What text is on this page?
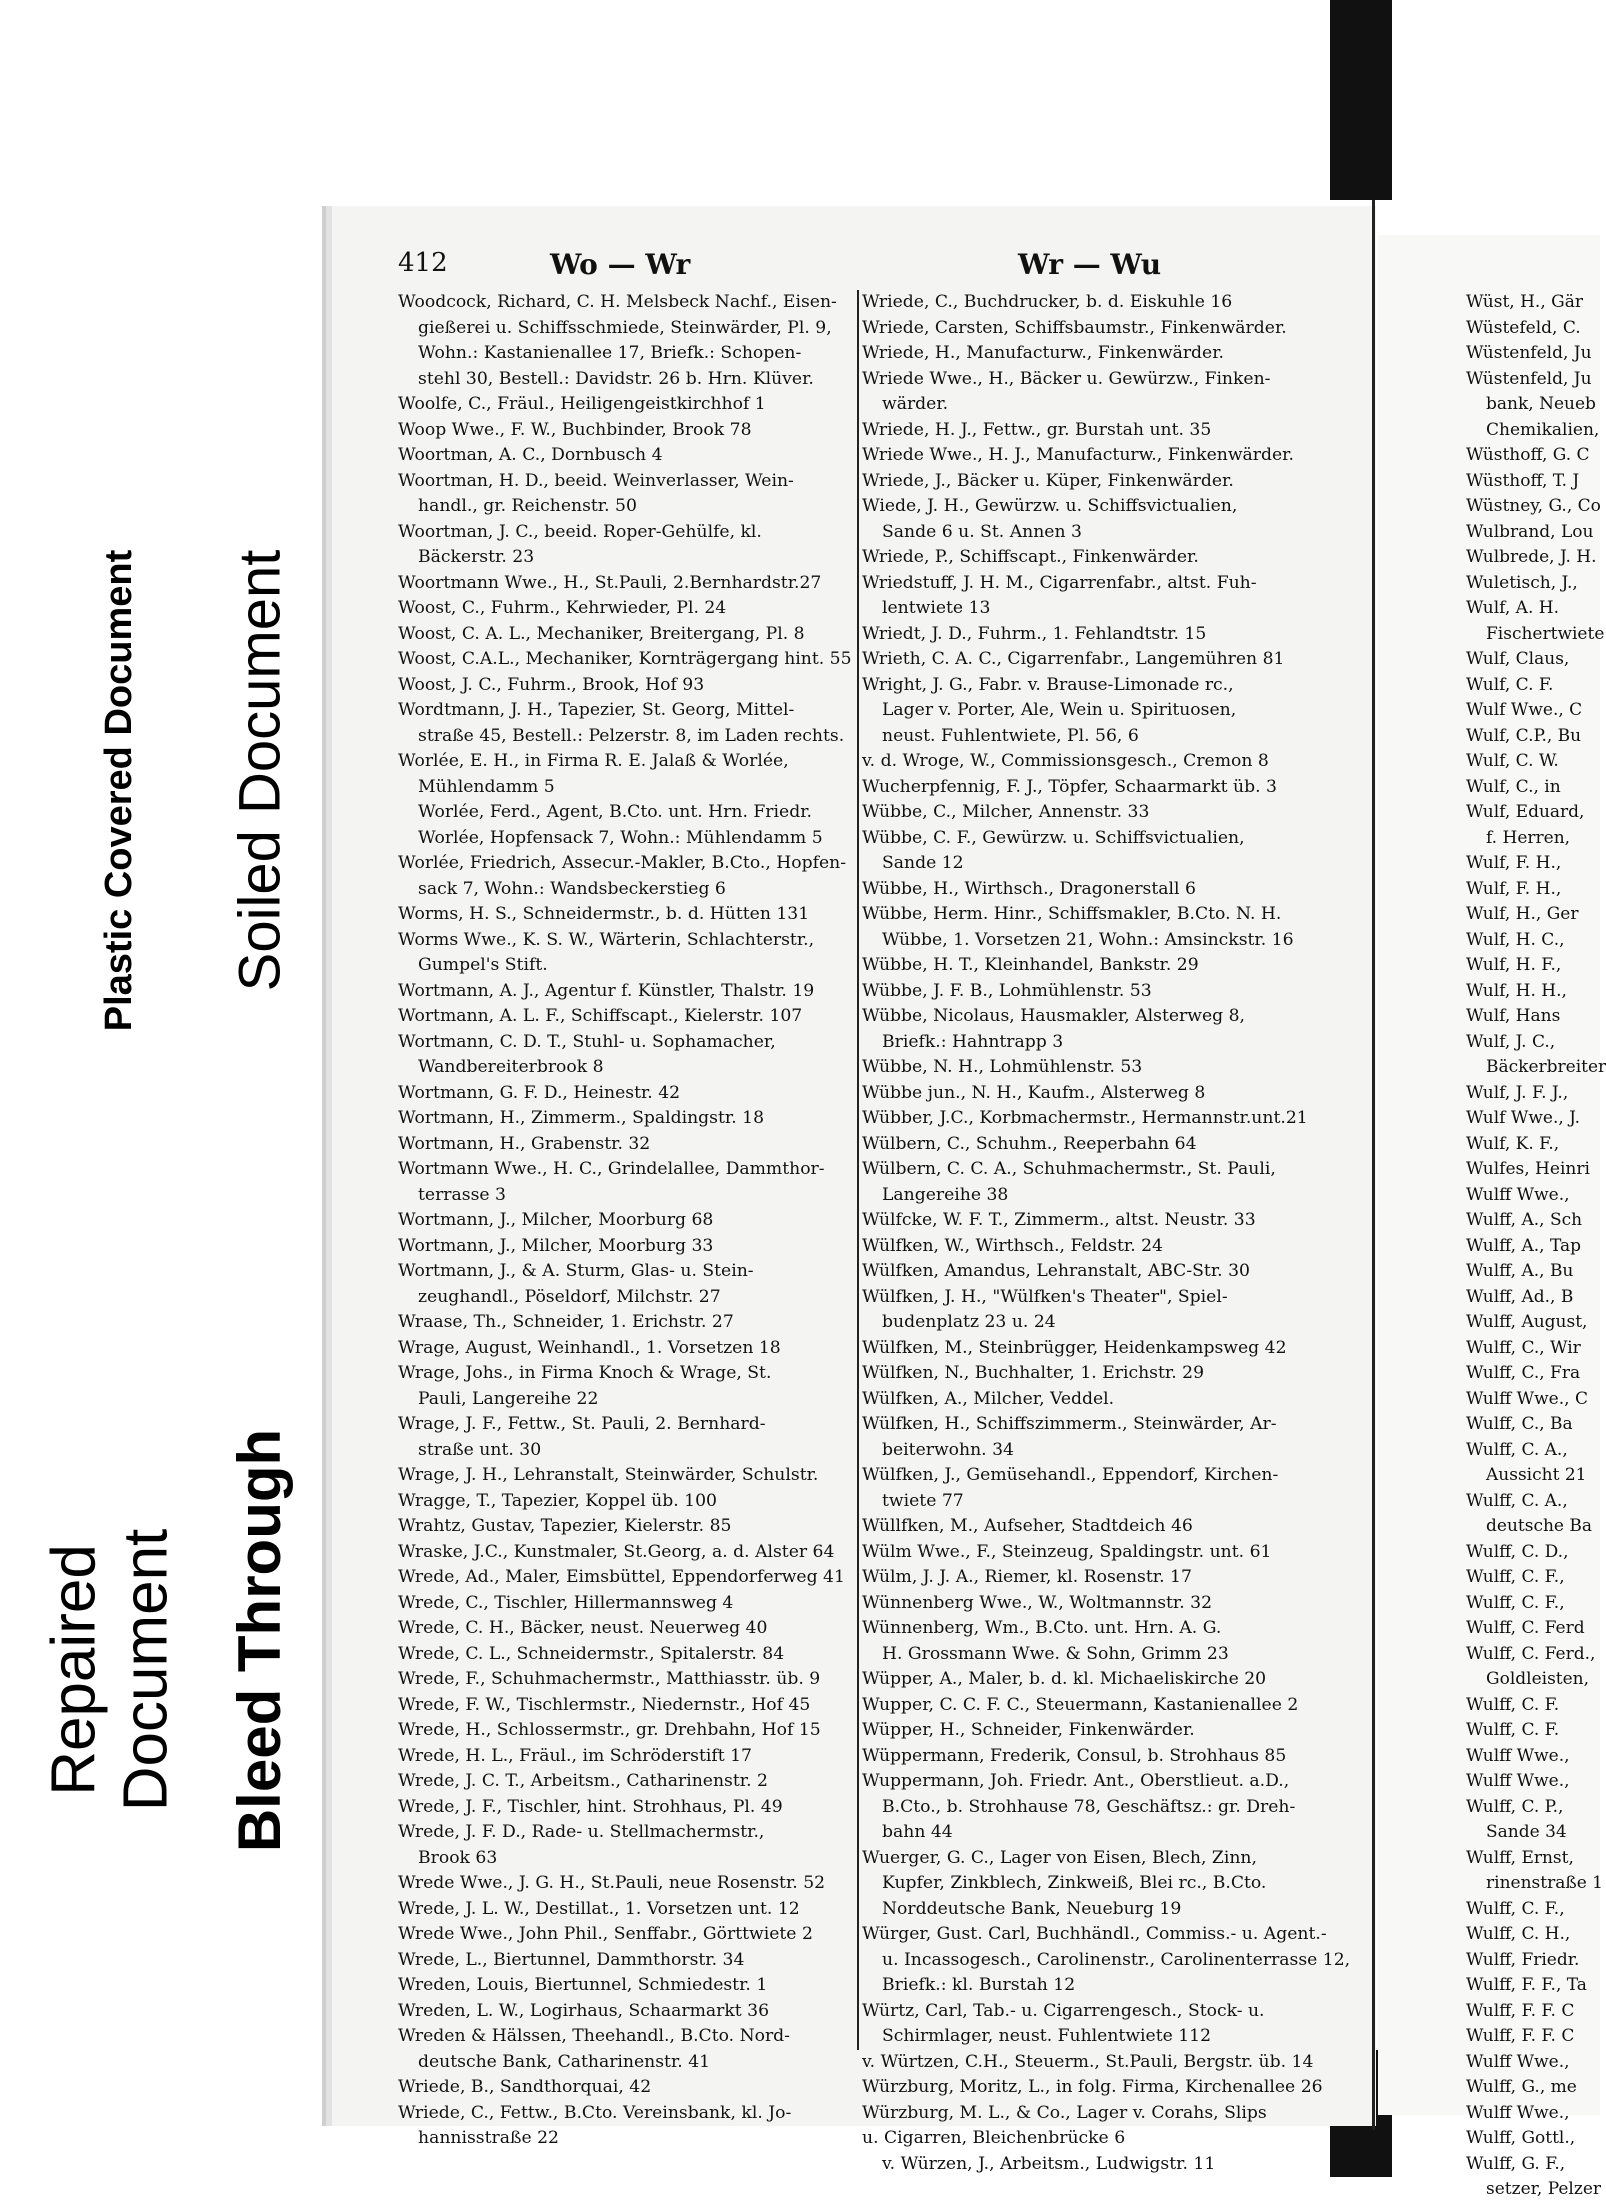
412	Wo — Wr	Wr — Wu
Woodcock, Richard, C. H. Melsbeck Nachf., Eisen-
gießerei u. Schiffsschmiede, Steinwärder, Pl. 9,
Wohn.: Kastanienallee 17, Briefk.: Schopen-
stehl 30, Bestell.: Davidstr. 26 b. Hrn. Klüver.
Woolfe, C., Fräul., Heiligengeistkirchhof 1
Woop Wwe., F. W., Buchbinder, Brook 78
Woortman, A. C., Dornbusch 4
Woortman, H. D., beeid. Weinverlasser, Wein-
handl., gr. Reichenstr. 50
Woortman, J. C., beeid. Roper-Gehülfe, kl.
Bäckerstr. 23
Woortmann Wwe., H., St.Pauli, 2.Bernhardstr.27
Woost, C., Fuhrm., Kehrwieder, Pl. 24
Woost, C. A. L., Mechaniker, Breitergang, Pl. 8
Woost, C.A.L., Mechaniker, Kornträgergang hint. 55
Woost, J. C., Fuhrm., Brook, Hof 93
Wordtmann, J. H., Tapezier, St. Georg, Mittel-
straße 45, Bestell.: Pelzerstr. 8, im Laden rechts.
Worlée, E. H., in Firma R. E. Jalaß & Worlée,
Mühlendamm 5
Worlée, Ferd., Agent, B.Cto. unt. Hrn. Friedr.
Worlée, Hopfensack 7, Wohn.: Mühlendamm 5
Worlée, Friedrich, Assecur.-Makler, B.Cto., Hopfen-
sack 7, Wohn.: Wandsbeckerstieg 6
Worms, H. S., Schneidermstr., b. d. Hütten 131
Worms Wwe., K. S. W., Wärterin, Schlachterstr.,
Gumpel's Stift.
Wortmann, A. J., Agentur f. Künstler, Thalstr. 19
Wortmann, A. L. F., Schiffscapt., Kielerstr. 107
Wortmann, C. D. T., Stuhl- u. Sophamacher,
Wandbereiterbrook 8
Wortmann, G. F. D., Heinestr. 42
Wortmann, H., Zimmerm., Spaldingstr. 18
Wortmann, H., Grabenstr. 32
Wortmann Wwe., H. C., Grindelallee, Dammthor-
terrasse 3
Wortmann, J., Milcher, Moorburg 68
Wortmann, J., Milcher, Moorburg 33
Wortmann, J., & A. Sturm, Glas- u. Stein-
zeughandl., Pöseldorf, Milchstr. 27
Wraase, Th., Schneider, 1. Erichstr. 27
Wrage, August, Weinhandl., 1. Vorsetzen 18
Wrage, Johs., in Firma Knoch & Wrage, St.
Pauli, Langereihe 22
Wrage, J. F., Fettw., St. Pauli, 2. Bernhard-
straße unt. 30
Wrage, J. H., Lehranstalt, Steinwärder, Schulstr.
Wragge, T., Tapezier, Koppel üb. 100
Wrahtz, Gustav, Tapezier, Kielerstr. 85
Wraske, J.C., Kunstmaler, St.Georg, a. d. Alster 64
Wrede, Ad., Maler, Eimsbüttel, Eppendorferweg 41
Wrede, C., Tischler, Hillermannsweg 4
Wrede, C. H., Bäcker, neust. Neuerweg 40
Wrede, C. L., Schneidermstr., Spitalerstr. 84
Wrede, F., Schuhmachermstr., Matthiasstr. üb. 9
Wrede, F. W., Tischlermstr., Niedernstr., Hof 45
Wrede, H., Schlossermstr., gr. Drehbahn, Hof 15
Wrede, H. L., Fräul., im Schröderstift 17
Wrede, J. C. T., Arbeitsm., Catharinenstr. 2
Wrede, J. F., Tischler, hint. Strohhaus, Pl. 49
Wrede, J. F. D., Rade- u. Stellmachermstr.,
Brook 63
Wrede Wwe., J. G. H., St.Pauli, neue Rosenstr. 52
Wrede, J. L. W., Destillat., 1. Vorsetzen unt. 12
Wrede Wwe., John Phil., Senffabr., Görttwiete 2
Wrede, L., Biertunnel, Dammthorstr. 34
Wreden, Louis, Biertunnel, Schmiedestr. 1
Wreden, L. W., Logirhaus, Schaarmarkt 36
Wreden & Hälssen, Theehandl., B.Cto. Nord-
deutsche Bank, Catharinenstr. 41
Wriede, B., Sandthorquai, 42
Wriede, C., Fettw., B.Cto. Vereinsbank, kl. Jo-
hannisstraße 22
Wriede, C., Buchdrucker, b. d. Eiskuhle 16
Wriede, Carsten, Schiffsbaumstr., Finkenwärder.
Wriede, H., Manufacturw., Finkenwärder.
Wriede Wwe., H., Bäcker u. Gewürzw., Finken-
wärder.
Wriede, H. J., Fettw., gr. Burstah unt. 35
Wriede Wwe., H. J., Manufacturw., Finkenwärder.
Wriede, J., Bäcker u. Küper, Finkenwärder.
Wiede, J. H., Gewürzw. u. Schiffsvictualien,
Sande 6 u. St. Annen 3
Wriede, P., Schiffscapt., Finkenwärder.
Wriedstuff, J. H. M., Cigarrenfabr., altst. Fuh-
lentwiete 13
Wriedt, J. D., Fuhrm., 1. Fehlandtstr. 15
Wrieth, C. A. C., Cigarrenfabr., Langemühren 81
Wright, J. G., Fabr. v. Brause-Limonade rc.,
Lager v. Porter, Ale, Wein u. Spirituosen,
neust. Fuhlentwiete, Pl. 56, 6
v. d. Wroge, W., Commissionsgesch., Cremon 8
Wucherpfennig, F. J., Töpfer, Schaarmarkt üb. 3
Wübbe, C., Milcher, Annenstr. 33
Wübbe, C. F., Gewürzw. u. Schiffsvictualien,
Sande 12
Wübbe, H., Wirthsch., Dragonerstall 6
Wübbe, Herm. Hinr., Schiffsmakler, B.Cto. N. H.
Wübbe, 1. Vorsetzen 21, Wohn.: Amsinckstr. 16
Wübbe, H. T., Kleinhandel, Bankstr. 29
Wübbe, J. F. B., Lohmühlenstr. 53
Wübbe, Nicolaus, Hausmakler, Alsterweg 8,
Briefk.: Hahntrapp 3
Wübbe, N. H., Lohmühlenstr. 53
Wübbe jun., N. H., Kaufm., Alsterweg 8
Wübber, J.C., Korbmachermstr., Hermannstr.unt.21
Wülbern, C., Schuhm., Reeperbahn 64
Wülbern, C. C. A., Schuhmachermstr., St. Pauli,
Langereihe 38
Wülfcke, W. F. T., Zimmerm., altst. Neustr. 33
Wülfken, W., Wirthsch., Feldstr. 24
Wülfken, Amandus, Lehranstalt, ABC-Str. 30
Wülfken, J. H., "Wülfken's Theater", Spiel-
budenplatz 23 u. 24
Wülfken, M., Steinbrügger, Heidenkampsweg 42
Wülfken, N., Buchhalter, 1. Erichstr. 29
Wülfken, A., Milcher, Veddel.
Wülfken, H., Schiffszimmerm., Steinwärder, Ar-
beiterwohn. 34
Wülfken, J., Gemüsehandl., Eppendorf, Kirchen-
twiete 77
Wüllfken, M., Aufseher, Stadtdeich 46
Wülm Wwe., F., Steinzeug, Spaldingstr. unt. 61
Wülm, J. J. A., Riemer, kl. Rosenstr. 17
Wünnenberg Wwe., W., Woltmannstr. 32
Wünnenberg, Wm., B.Cto. unt. Hrn. A. G.
H. Grossmann Wwe. & Sohn, Grimm 23
Wüpper, A., Maler, b. d. kl. Michaeliskirche 20
Wupper, C. C. F. C., Steuermann, Kastanienallee 2
Wüpper, H., Schneider, Finkenwärder.
Wüppermann, Frederik, Consul, b. Strohhaus 85
Wuppermann, Joh. Friedr. Ant., Oberstlieut. a.D.,
B.Cto., b. Strohhause 78, Geschäftsz.: gr. Dreh-
bahn 44
Wuerger, G. C., Lager von Eisen, Blech, Zinn,
Kupfer, Zinkblech, Zinkweiß, Blei rc., B.Cto.
Norddeutsche Bank, Neueburg 19
Würger, Gust. Carl, Buchhändl., Commiss.- u. Agent.-
u. Incassogesch., Carolinenstr., Carolinenterrasse 12,
Briefk.: kl. Burstah 12
Würtz, Carl, Tab.- u. Cigarrengesch., Stock- u.
Schirmlager, neust. Fuhlentwiete 112
v. Würtzen, C.H., Steuerm., St.Pauli, Bergstr. üb. 14
Würzburg, Moritz, L., in folg. Firma, Kirchenallee 26
Würzburg, M. L., & Co., Lager v. Corahs, Slips
u. Cigarren, Bleichenbrücke 6
v. Würzen, J., Arbeitsm., Ludwigstr. 11
Wüst, H., Gär
Wüstefeld, C.
Wüstenfeld, Ju
Wüstenfeld, Ju
bank, Neueb
Chemikalien,
Wüsthoff, G. C
Wüsthoff, T. J
Wüstney, G., Co
Wulbrand, Lou
Wulbrede, J. H.
Wuletisch, J.,
Wulf, A. H.
Fischertwiete
Wulf, Claus,
Wulf, C. F.
Wulf Wwe., C
Wulf, C.P., Bu
Wulf, C. W.
Wulf, C., in
Wulf, Eduard,
f. Herren,
Wulf, F. H.,
Wulf, F. H.,
Wulf, H., Ger
Wulf, H. C.,
Wulf, H. F.,
Wulf, H. H.,
Wulf, Hans
Wulf, J. C.,
Bäckerbreiter
Wulf, J. F. J.,
Wulf Wwe., J.
Wulf, K. F.,
Wulfes, Heinri
Wulff Wwe.,
Wulff, A., Sch
Wulff, A., Tap
Wulff, A., Bu
Wulff, Ad., B
Wulff, August,
Wulff, C., Wir
Wulff, C., Fra
Wulff Wwe., C
Wulff, C., Ba
Wulff, C. A.,
Aussicht 21
Wulff, C. A.,
deutsche Ba
Wulff, C. D.,
Wulff, C. F.,
Wulff, C. F.,
Wulff, C. Ferd
Wulff, C. Ferd.,
Goldleisten,
Wulff, C. F.
Wulff, C. F.
Wulff Wwe.,
Wulff Wwe.,
Wulff, C. P.,
Sande 34
Wulff, Ernst,
rinenstraße 1
Wulff, C. F.,
Wulff, C. H.,
Wulff, Friedr.
Wulff, F. F., Ta
Wulff, F. F. C
Wulff, F. F. C
Wulff Wwe.,
Wulff, G., me
Wulff Wwe.,
Wulff, Gottl.,
Wulff, G. F.,
setzer, Pelzer
Plastic Covered Document Soiled Document
Repaired Document Bleed Through
